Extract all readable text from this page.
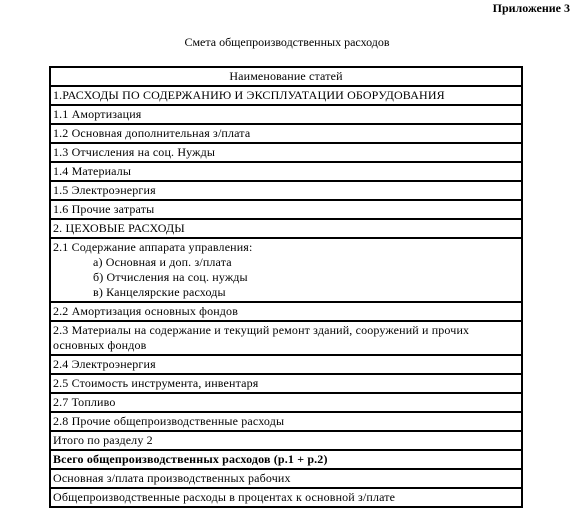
Приложение 3
Смета общепроизводственных расходов
Наименование статей
1.РАСХОДЫ ПО СОДЕРЖАНИЮ И ЭКСПЛУАТАЦИИ ОБОРУДОВАНИЯ
1.1 Амортизация
1.2 Основная дополнительная з/плата
1.3 Отчисления на соц. Нужды
1.4 Материалы
1.5 Электроэнергия
1.6 Прочие затраты
2. ЦЕХОВЫЕ РАСХОДЫ
2.1 Содержание аппарата управления:
а) Основная и доп. з/плата
б) Отчисления на соц. нужды
в) Канцелярские расходы
2.2 Амортизация основных фондов
2.3 Материалы на содержание и текущий ремонт зданий, сооружений и прочих основных фондов
2.4 Электроэнергия
2.5 Стоимость инструмента, инвентаря
2.7 Топливо
2.8 Прочие общепроизводственные расходы
Итого по разделу 2
Всего общепроизводственных расходов (р.1 + р.2)
Основная з/плата производственных рабочих
Общепроизводственные расходы в процентах к основной з/плате
